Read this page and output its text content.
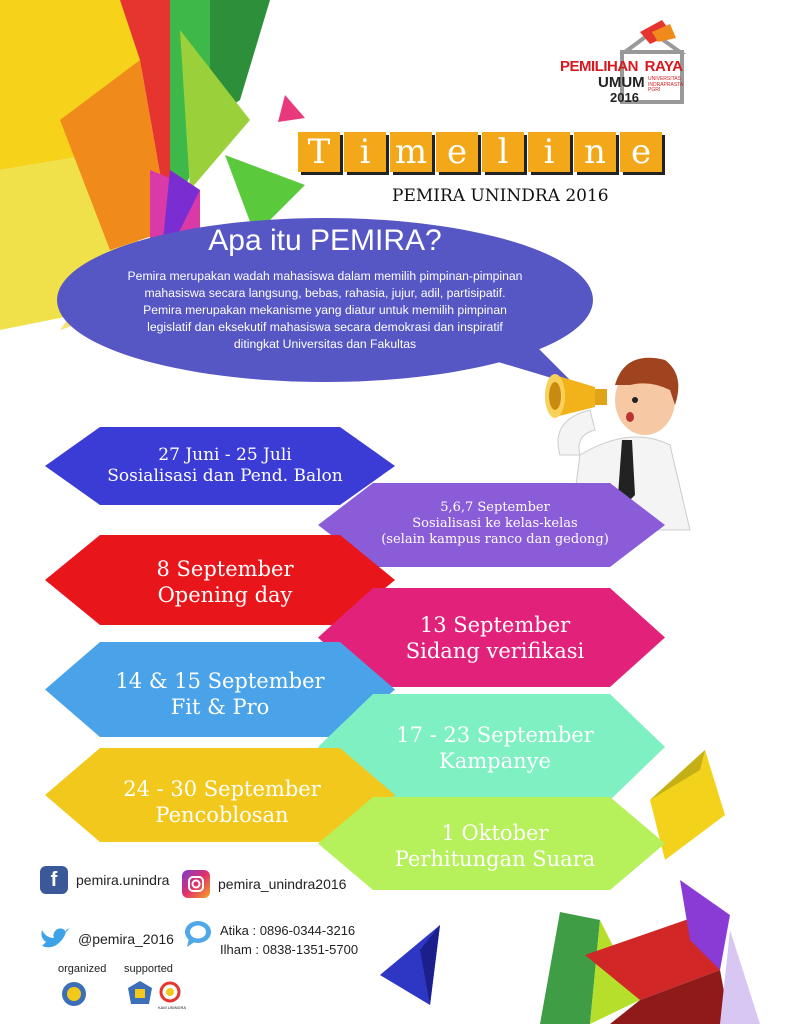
PEMILIHAN RAYA
UMUM UNIVERSITAS INDRAPRASTA PGRI
2016
T i m e l	i n e
PEMIRA UNINDRA 2016
Apa itu PEMIRA?
Pemira merupakan wadah mahasiswa dalam memilih pimpinan-pimpinan
mahasiswa secara langsung, bebas, rahasia, jujur, adil, partisipatif.
Pemira merupakan mekanisme yang diatur untuk memilih pimpinan
legislatif dan eksekutif mahasiswa secara demokrasi dan inspiratif
ditingkat Universitas dan Fakultas
27 Juni - 25 Juli
Sosialisasi dan Pend. Balon
5,6,7 September
Sosialisasi ke kelas-kelas
(selain kampus ranco dan gedong)
8 September
Opening day
13 September
Sidang verifikasi
14 & 15 September
Fit & Pro
17 - 23 September
Kampanye
24 - 30 September
Pencoblosan
1 Oktober
Perhitungan Suara
f	pemira.unindra	pemira_unindra2016
@pemira_2016
Atika : 0896-0344-3216
Ilham : 0838-1351-5700
organized supported
KAM UNINDRA
